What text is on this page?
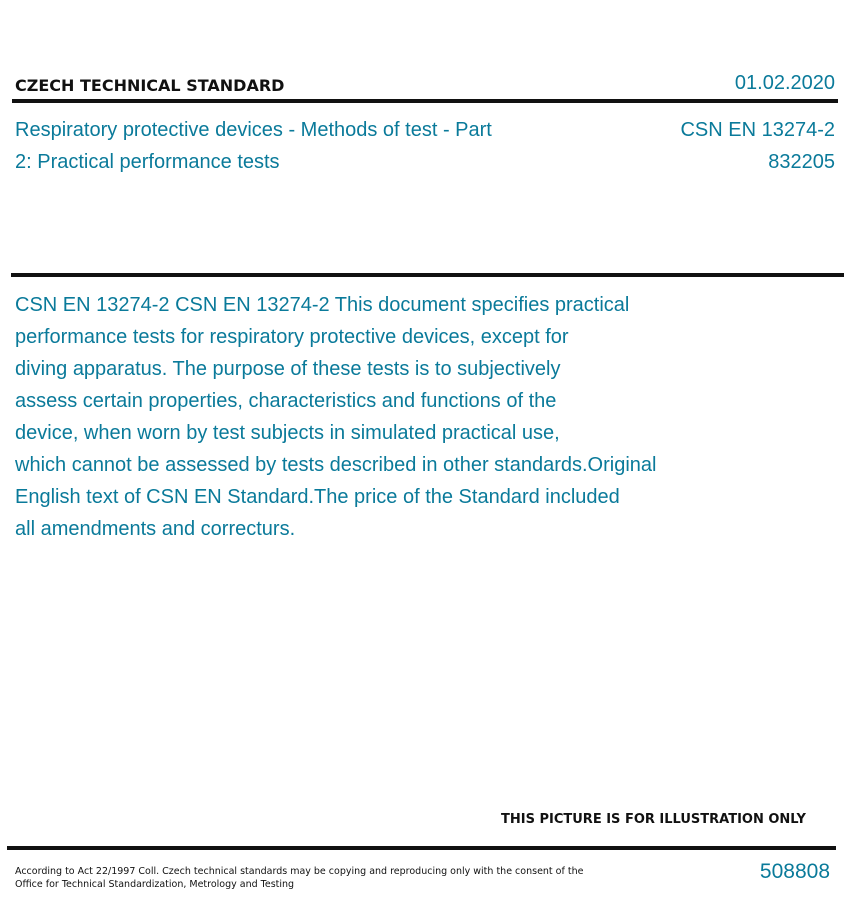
CZECH TECHNICAL STANDARD	01.02.2020
Respiratory protective devices - Methods of test - Part 2: Practical performance tests
CSN EN 13274-2
832205
CSN EN 13274-2 CSN EN 13274-2 This document specifies practical
performance tests for respiratory protective devices, except for
diving apparatus. The purpose of these tests is to subjectively
assess certain properties, characteristics and functions of the
device, when worn by test subjects in simulated practical use,
which cannot be assessed by tests described in other standards.Original
English text of CSN EN Standard.The price of the Standard included
all amendments and correcturs.
THIS PICTURE IS FOR ILLUSTRATION ONLY
According to Act 22/1997 Coll. Czech technical standards may be copying and reproducing only with the consent of the Office for Technical Standardization, Metrology and Testing
508808
